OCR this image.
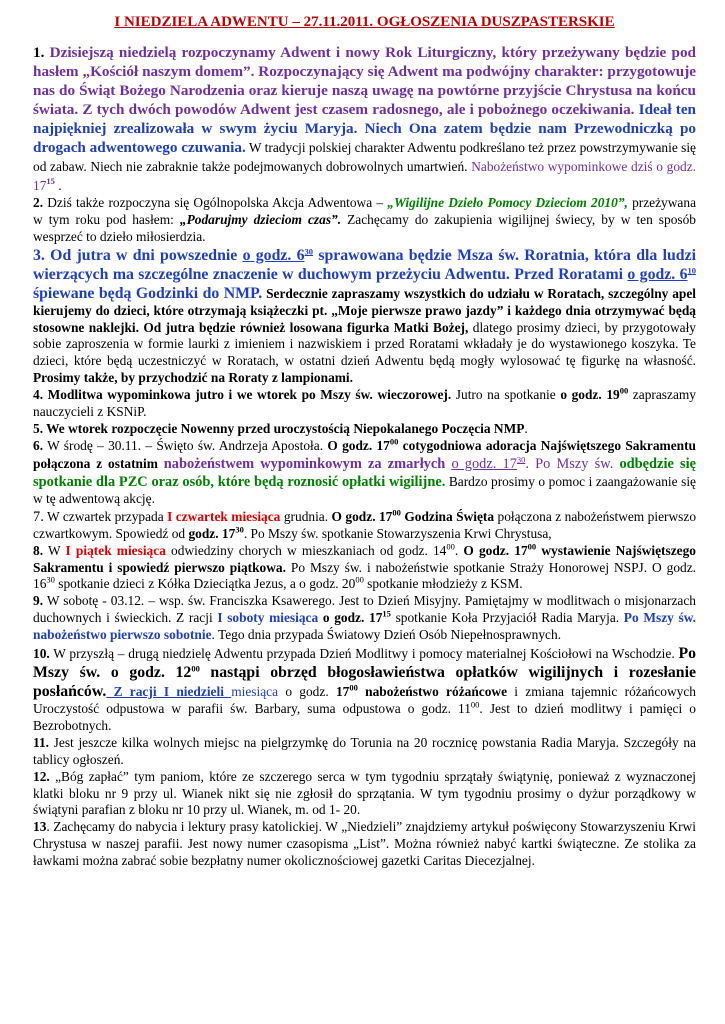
I NIEDZIELA ADWENTU – 27.11.2011. OGŁOSZENIA DUSZPASTERSKIE

1. Dzisiejszą niedzielą rozpoczynamy Adwent i nowy Rok Liturgiczny, który przeżywany będzie pod hasłem „Kościół naszym domem”. Rozpoczynający się Adwent ma podwójny charakter: przygotowuje nas do Świąt Bożego Narodzenia oraz kieruje naszą uwagę na powtórne przyjście Chrystusa na końcu świata. Z tych dwóch powodów Adwent jest czasem radosnego, ale i pobożnego oczekiwania. Ideał ten najpiękniej zrealizowała w swym życiu Maryja. Niech Ona zatem będzie nam Przewodniczką po drogach adwentowego czuwania. W tradycji polskiej charakter Adwentu podkreślano też przez powstrzymywanie się od zabaw. Niech nie zabraknie także podejmowanych dobrowolnych umartwień. Nabożeństwo wypominkowe dziś o godz. $17^{15}$ .

2. Dziś także rozpoczyna się Ogólnopolska Akcja Adwentowa – „Wigilijne Dzieło Pomocy Dzieciom 2010”, przeżywana w tym roku pod hasłem: „Podarujmy dzieciom czas”. Zachęcamy do zakupienia wigilijnej świecy, by w ten sposób wesprzeć to dzieło miłosierdzia.

3. Od jutra w dni powszednie o godz. $6^{30}$ sprawowana będzie Msza św. Roratnia, która dla ludzi wierzących ma szczególne znaczenie w duchowym przeżyciu Adwentu. Przed Roratami o godz. $6^{10}$ śpiewane będą Godzinki do NMP. Serdecznie zapraszamy wszystkich do udziału w Roratach, szczególny apel kierujemy do dzieci, które otrzymają książeczki pt. „Moje pierwsze prawo jazdy” i każdego dnia otrzymywać będą stosowne naklejki. Od jutra będzie również losowana figurka Matki Bożej, dlatego prosimy dzieci, by przygotowały sobie zaproszenia w formie laurki z imieniem i nazwiskiem i przed Roratami wkładały je do wystawionego koszyka. Te dzieci, które będą uczestniczyć w Roratach, w ostatni dzień Adwentu będą mogły wylosować tę figurkę na własność. Prosimy także, by przychodzić na Roraty z lampionami.

4. Modlitwa wypominkowa jutro i we wtorek po Mszy św. wieczorowej. Jutro na spotkanie o godz. $19^{00}$ zapraszamy nauczycieli z KSNiP.

5. We wtorek rozpoczęcie Nowenny przed uroczystością Niepokalanego Poczęcia NMP.

6. W środę – 30.11. – Święto św. Andrzeja Apostoła. O godz. $17^{00}$ cotygodniowa adoracja Najświętszego Sakramentu połączona z ostatnim nabożeństwem wypominkowym za zmarłych o godz. $17^{30}$. Po Mszy św. odbędzie się spotkanie dla PZC oraz osób, które będą roznosić opłatki wigilijne. Bardzo prosimy o pomoc i zaangażowanie się w tę adwentową akcję.

7. W czwartek przypada I czwartek miesiąca grudnia. O godz. $17^{00}$ Godzina Święta połączona z nabożeństwem pierwszo czwartkowym. Spowiedź od godz. $17^{30}$. Po Mszy św. spotkanie Stowarzyszenia Krwi Chrystusa,

8. W I piątek miesiąca odwiedziny chorych w mieszkaniach od godz. $14^{00}$. O godz. $17^{00}$ wystawienie Najświętszego Sakramentu i spowiedź pierwszo piątkowa. Po Mszy św. i nabożeństwie spotkanie Straży Honorowej NSPJ. O godz. $16^{30}$ spotkanie dzieci z Kółka Dzieciątka Jezus, a o godz. $20^{00}$ spotkanie młodzieży z KSM.

9. W sobotę - 03.12. – wsp. św. Franciszka Ksawerego. Jest to Dzień Misyjny. Pamiętajmy w modlitwach o misjonarzach duchownych i świeckich. Z racji I soboty miesiąca o godz. $17^{15}$ spotkanie Koła Przyjaciół Radia Maryja. Po Mszy św. nabożeństwo pierwszo sobotnie. Tego dnia przypada Światowy Dzień Osób Niepełnosprawnych.

10. W przyszłą – drugą niedzielę Adwentu przypada Dzień Modlitwy i pomocy materialnej Kościołowi na Wschodzie. Po Mszy św. o godz. $12^{00}$ nastąpi obrzęd błogosławieństwa opłatków wigilijnych i rozesłanie posłańców. Z racji I niedzieli miesiąca o godz. $17^{00}$ nabożeństwo różańcowe i zmiana tajemnic różańcowych Uroczystość odpustowa w parafii św. Barbary, suma odpustowa o godz. $11^{00}$. Jest to dzień modlitwy i pamięci o Bezrobotnych.

11. Jest jeszcze kilka wolnych miejsc na pielgrzymkę do Torunia na 20 rocznicę powstania Radia Maryja. Szczegóły na tablicy ogłoszeń.

12. „Bóg zapłać” tym paniom, które ze szczerego serca w tym tygodniu sprzątały świątynię, ponieważ z wyznaczonej klatki bloku nr 9 przy ul. Wianek nikt się nie zgłosił do sprzątania. W tym tygodniu prosimy o dyżur porządkowy w świątyni parafian z bloku nr 10 przy ul. Wianek, m. od 1- 20.

13. Zachęcamy do nabycia i lektury prasy katolickiej. W „Niedzieli” znajdziemy artykuł poświęcony Stowarzyszeniu Krwi Chrystusa w naszej parafii. Jest nowy numer czasopisma „List”. Można również nabyć kartki świąteczne. Ze stolika za ławkami można zabrać sobie bezpłatny numer okolicznościowej gazetki Caritas Diecezjalnej.
